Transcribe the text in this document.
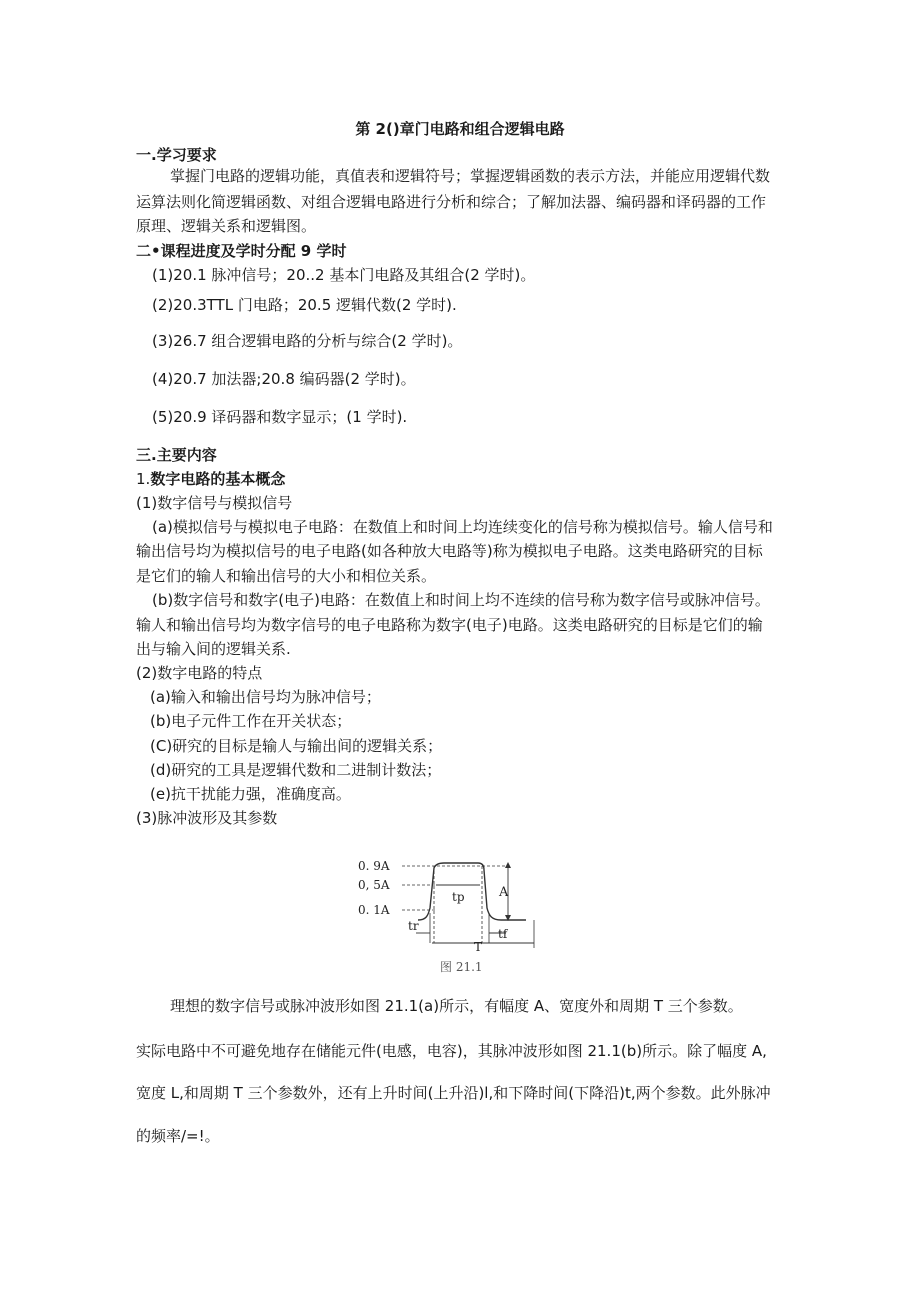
第 2()章门电路和组合逻辑电路
一.学习要求
掌握门电路的逻辑功能，真值表和逻辑符号；掌握逻辑函数的表示方法，并能应用逻辑代数
运算法则化简逻辑函数、对组合逻辑电路进行分析和综合；了解加法器、编码器和译码器的工作
原理、逻辑关系和逻辑图。
二•课程进度及学时分配 9 学时
(1)20.1 脉冲信号；20..2 基本门电路及其组合(2 学时)。
(2)20.3TTL 门电路；20.5 逻辑代数(2 学时).
(3)26.7 组合逻辑电路的分析与综合(2 学时)。
(4)20.7 加法器;20.8 编码器(2 学时)。
(5)20.9 译码器和数字显示；(1 学时).
三.主要内容
1.数字电路的基本概念
(1)数字信号与模拟信号
(a)模拟信号与模拟电子电路：在数值上和时间上均连续变化的信号称为模拟信号。输人信号和
输出信号均为模拟信号的电子电路(如各种放大电路等)称为模拟电子电路。这类电路研究的目标
是它们的输人和输出信号的大小和相位关系。
(b)数字信号和数字(电子)电路：在数值上和时间上均不连续的信号称为数字信号或脉冲信号。
输人和输出信号均为数字信号的电子电路称为数字(电子)电路。这类电路研究的目标是它们的输
出与输入间的逻辑关系.
(2)数字电路的特点
(a)输入和输出信号均为脉冲信号；
(b)电子元件工作在开关状态；
(C)研究的目标是输人与输出间的逻辑关系；
(d)研究的工具是逻辑代数和二进制计数法；
(e)抗干扰能力强，准确度高。
(3)脉冲波形及其参数
0. 9A
0, 5A
0. 1A
A
tp
tr
tf
T
图 21.1
理想的数字信号或脉冲波形如图 21.1(a)所示，有幅度 A、宽度外和周期 T 三个参数。
实际电路中不可避免地存在储能元件(电感，电容)，其脉冲波形如图 21.1(b)所示。除了幅度 A,
宽度 L,和周期 T 三个参数外，还有上升时间(上升沿)l,和下降时间(下降沿)t,两个参数。此外脉冲
的频率/=!。
